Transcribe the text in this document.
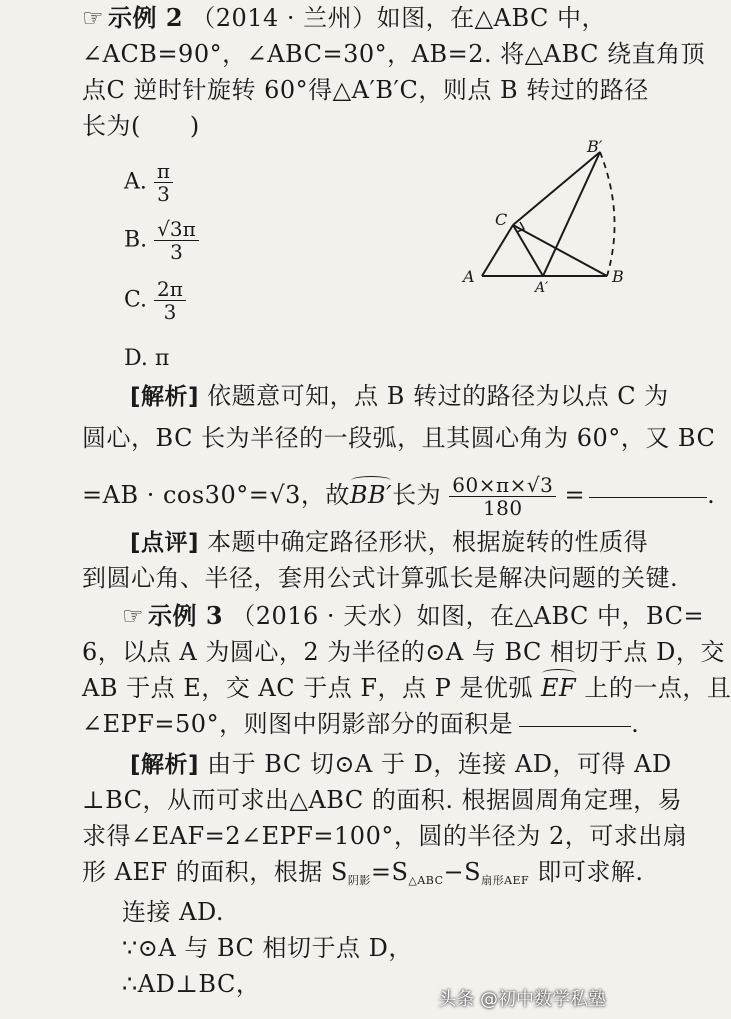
☞ 示例 2 （2014 · 兰州）如图，在△ABC 中，
∠ACB=90°，∠ABC=30°，AB=2. 将△ABC 绕直角顶
点C 逆时针旋转 60°得△A′B′C，则点 B 转过的路径
长为(　　)
A. $\frac{\pi}{3}$
B. $\frac{√3\pi}{3}$
C. $\frac{2\pi}{3}$
D. π
A	B
C
A′
B′
[解析] 依题意可知，点 B 转过的路径为以点 C 为
圆心，BC 长为半径的一段弧，且其圆心角为 60°，又 BC
=AB · cos30°=√3，故BB′长为 $\frac{60\times\pi\times√3}{180}$ =	.
[点评] 本题中确定路径形状，根据旋转的性质得
到圆心角、半径，套用公式计算弧长是解决问题的关键.
☞ 示例 3 （2016 · 天水）如图，在△ABC 中，BC=
6，以点 A 为圆心，2 为半径的⊙A 与 BC 相切于点 D，交
AB 于点 E，交 AC 于点 F，点 P 是优弧 EF 上的一点，且
∠EPF=50°，则图中阴影部分的面积是	.
[解析] 由于 BC 切⊙A 于 D，连接 AD，可得 AD
⊥BC，从而可求出△ABC 的面积. 根据圆周角定理，易
求得∠EAF=2∠EPF=100°，圆的半径为 2，可求出扇
形 AEF 的面积，根据 $S_{阴影}=S_{\triangle ABC}-S_{扇形AEF}$ 即可求解.
连接 AD.
∵⊙A 与 BC 相切于点 D，
∴AD⊥BC，
头条 @初中数学私塾
